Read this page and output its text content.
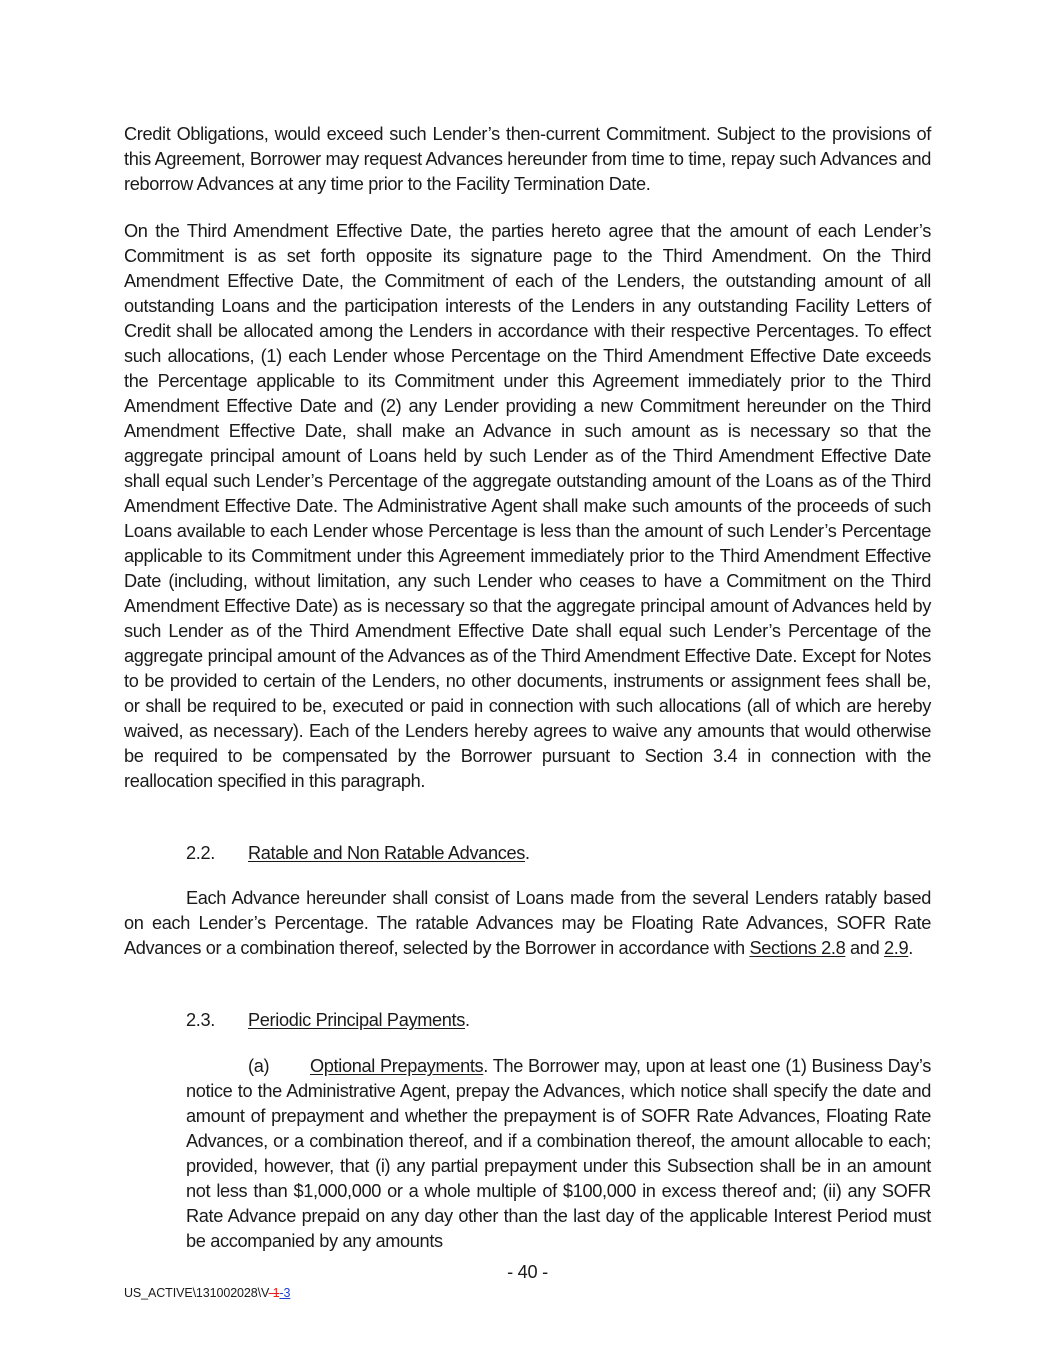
Credit Obligations, would exceed such Lender’s then-current Commitment. Subject to the provisions of this Agreement, Borrower may request Advances hereunder from time to time, repay such Advances and reborrow Advances at any time prior to the Facility Termination Date.

On the Third Amendment Effective Date, the parties hereto agree that the amount of each Lender’s Commitment is as set forth opposite its signature page to the Third Amendment. On the Third Amendment Effective Date, the Commitment of each of the Lenders, the outstanding amount of all outstanding Loans and the participation interests of the Lenders in any outstanding Facility Letters of Credit shall be allocated among the Lenders in accordance with their respective Percentages. To effect such allocations, (1) each Lender whose Percentage on the Third Amendment Effective Date exceeds the Percentage applicable to its Commitment under this Agreement immediately prior to the Third Amendment Effective Date and (2) any Lender providing a new Commitment hereunder on the Third Amendment Effective Date, shall make an Advance in such amount as is necessary so that the aggregate principal amount of Loans held by such Lender as of the Third Amendment Effective Date shall equal such Lender’s Percentage of the aggregate outstanding amount of the Loans as of the Third Amendment Effective Date. The Administrative Agent shall make such amounts of the proceeds of such Loans available to each Lender whose Percentage is less than the amount of such Lender’s Percentage applicable to its Commitment under this Agreement immediately prior to the Third Amendment Effective Date (including, without limitation, any such Lender who ceases to have a Commitment on the Third Amendment Effective Date) as is necessary so that the aggregate principal amount of Advances held by such Lender as of the Third Amendment Effective Date shall equal such Lender’s Percentage of the aggregate principal amount of the Advances as of the Third Amendment Effective Date. Except for Notes to be provided to certain of the Lenders, no other documents, instruments or assignment fees shall be, or shall be required to be, executed or paid in connection with such allocations (all of which are hereby waived, as necessary). Each of the Lenders hereby agrees to waive any amounts that would otherwise be required to be compensated by the Borrower pursuant to Section 3.4 in connection with the reallocation specified in this paragraph.

2.2. Ratable and Non Ratable Advances.

Each Advance hereunder shall consist of Loans made from the several Lenders ratably based on each Lender’s Percentage. The ratable Advances may be Floating Rate Advances, SOFR Rate Advances or a combination thereof, selected by the Borrower in accordance with Sections 2.8 and 2.9.

2.3. Periodic Principal Payments.

(a) Optional Prepayments. The Borrower may, upon at least one (1) Business Day’s notice to the Administrative Agent, prepay the Advances, which notice shall specify the date and amount of prepayment and whether the prepayment is of SOFR Rate Advances, Floating Rate Advances, or a combination thereof, and if a combination thereof, the amount allocable to each; provided, however, that (i) any partial prepayment under this Subsection shall be in an amount not less than $1,000,000 or a whole multiple of $100,000 in excess thereof and; (ii) any SOFR Rate Advance prepaid on any day other than the last day of the applicable Interest Period must be accompanied by any amounts

- 40 -
US_ACTIVE\131002028\V-1-3
